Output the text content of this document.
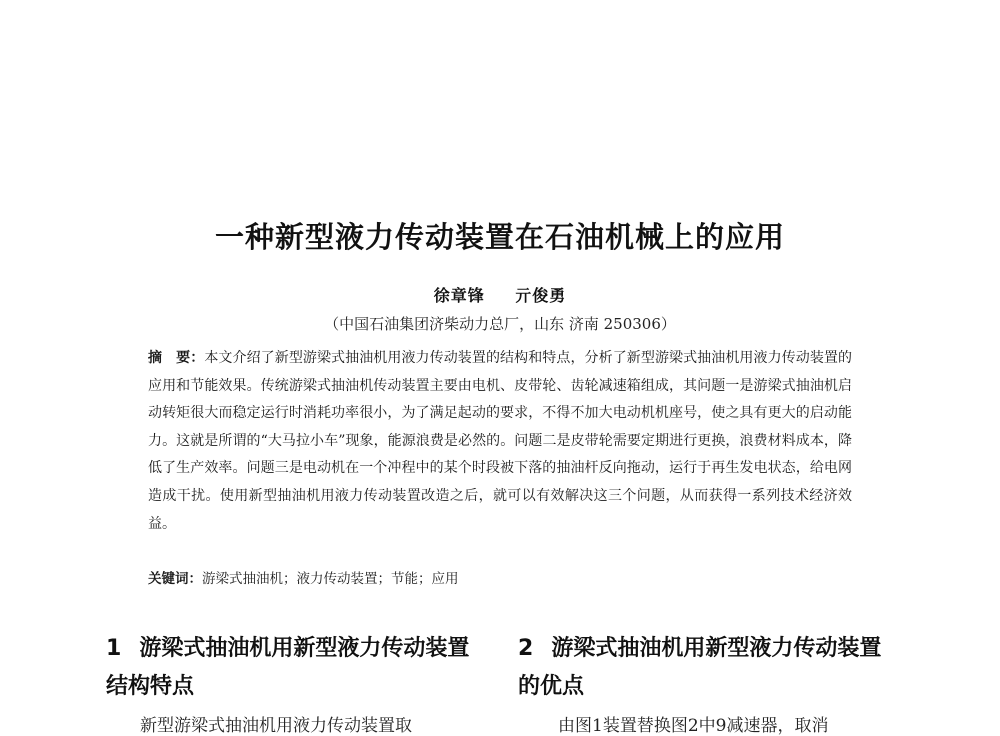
一种新型液力传动装置在石油机械上的应用
徐章锋 亓俊勇
（中国石油集团济柴动力总厂，山东 济南 250306）
摘　要：本文介绍了新型游梁式抽油机用液力传动装置的结构和特点，分析了新型游梁式抽油机用液力传动装置的应用和节能效果。传统游梁式抽油机传动装置主要由电机、皮带轮、齿轮减速箱组成，其问题一是游梁式抽油机启动转矩很大而稳定运行时消耗功率很小，为了满足起动的要求，不得不加大电动机机座号，使之具有更大的启动能力。这就是所谓的“大马拉小车”现象，能源浪费是必然的。问题二是皮带轮需要定期进行更换，浪费材料成本，降低了生产效率。问题三是电动机在一个冲程中的某个时段被下落的抽油杆反向拖动，运行于再生发电状态，给电网造成干扰。使用新型抽油机用液力传动装置改造之后，就可以有效解决这三个问题，从而获得一系列技术经济效益。
关键词：游梁式抽油机；液力传动装置；节能；应用
1 游梁式抽油机用新型液力传动装置结构特点
2 游梁式抽油机用新型液力传动装置的优点
新型游梁式抽油机用液力传动装置取	由图1装置替换图2中9减速器，取消
